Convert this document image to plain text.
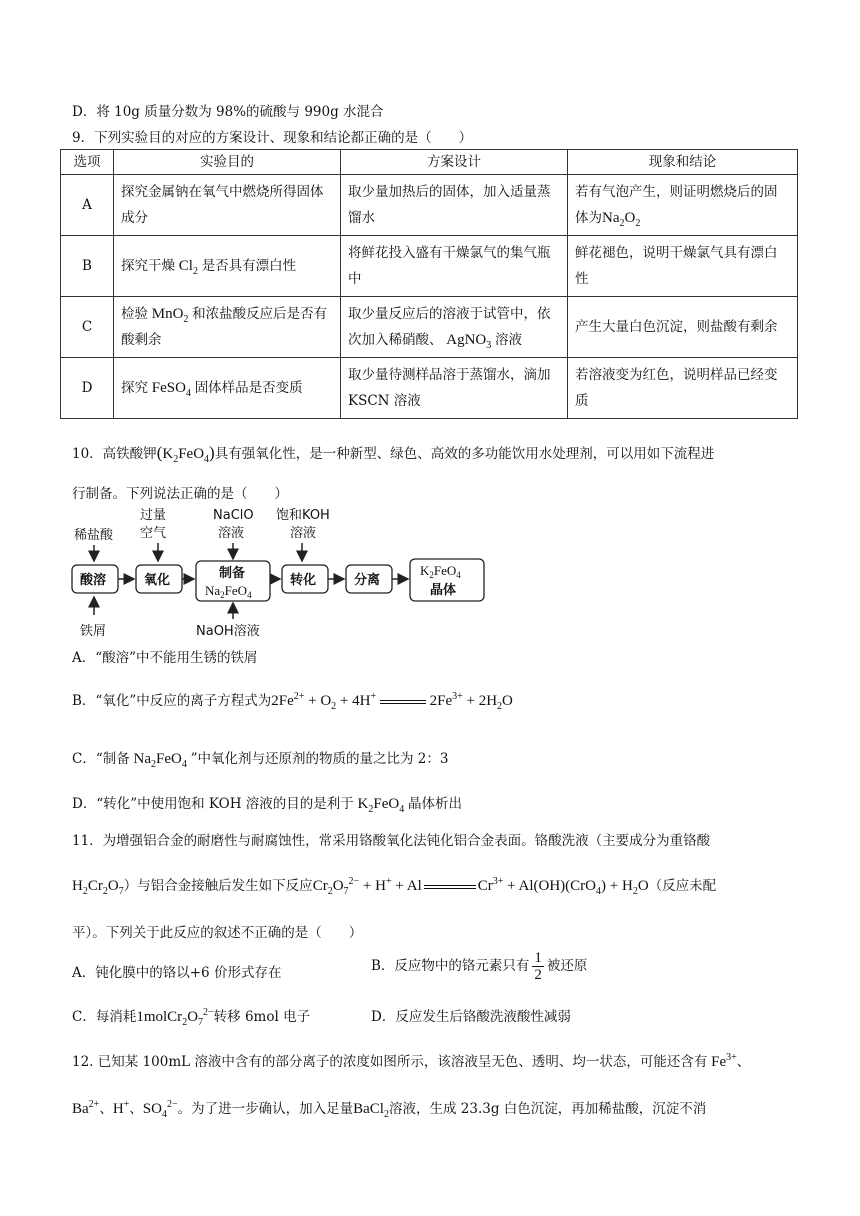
D．将 10g 质量分数为 98%的硫酸与 990g 水混合
9．下列实验目的对应的方案设计、现象和结论都正确的是（　　）
选项	实验目的	方案设计	现象和结论
A	探究金属钠在氧气中燃烧所得固体成分	取少量加热后的固体，加入适量蒸馏水	若有气泡产生，则证明燃烧后的固体为$Na_2O_2$
B	探究干燥 $Cl_2$ 是否具有漂白性	将鲜花投入盛有干燥氯气的集气瓶中	鲜花褪色，说明干燥氯气具有漂白性
C	检验 MnO$_2$ 和浓盐酸反应后是否有酸剩余	取少量反应后的溶液于试管中，依次加入稀硝酸、 AgNO$_3$ 溶液	产生大量白色沉淀，则盐酸有剩余
D	探究 FeSO$_4$ 固体样品是否变质	取少量待测样品溶于蒸馏水，滴加 KSCN 溶液	若溶液变为红色，说明样品已经变质
10．高铁酸钾$(K_2FeO_4)$具有强氧化性，是一种新型、绿色、高效的多功能饮用水处理剂，可以用如下流程进
行制备。下列说法正确的是（　　）
稀盐酸
过量
空气
NaClO
溶液
饱和KOH
溶液
酸溶	氧化	制备
$Na_2FeO_4$
转化	分离
$K_2FeO_4$
晶体
铁屑	NaOH溶液
A．“酸溶”中不能用生锈的铁屑
B．“氧化”中反应的离子方程式为$2Fe^{2+} + O_2 + 4H^+$	$2Fe^{3+} + 2H_2O$
C．“制备 $Na_2FeO_4$ ”中氧化剂与还原剂的物质的量之比为 2：3
D．“转化”中使用饱和 KOH 溶液的目的是利于 $K_2FeO_4$ 晶体析出
11．为增强铝合金的耐磨性与耐腐蚀性，常采用铬酸氧化法钝化铝合金表面。铬酸洗液（主要成分为重铬酸
$H_2Cr_2O_7$）与铝合金接触后发生如下反应$Cr_2O_7^{2-} + H^+ + Al$	$Cr^{3+} + Al(OH)(CrO_4) + H_2O$（反应未配
平）。下列关于此反应的叙述不正确的是（　　）
A．钝化膜中的铬以+6 价形式存在	B．反应物中的铬元素只有 $\frac{1}{2}$ 被还原
C．每消耗$1molCr_2O_7^{2-}$转移 6mol 电子	D．反应发生后铬酸洗液酸性减弱
12. 已知某 100mL 溶液中含有的部分离子的浓度如图所示，该溶液呈无色、透明、均一状态，可能还含有 $Fe^{3+}$、
$Ba^{2+}$、H+、$SO_4^{2-}$。为了进一步确认，加入足量BaCl$_2$溶液，生成 23.3g 白色沉淀，再加稀盐酸，沉淀不消
